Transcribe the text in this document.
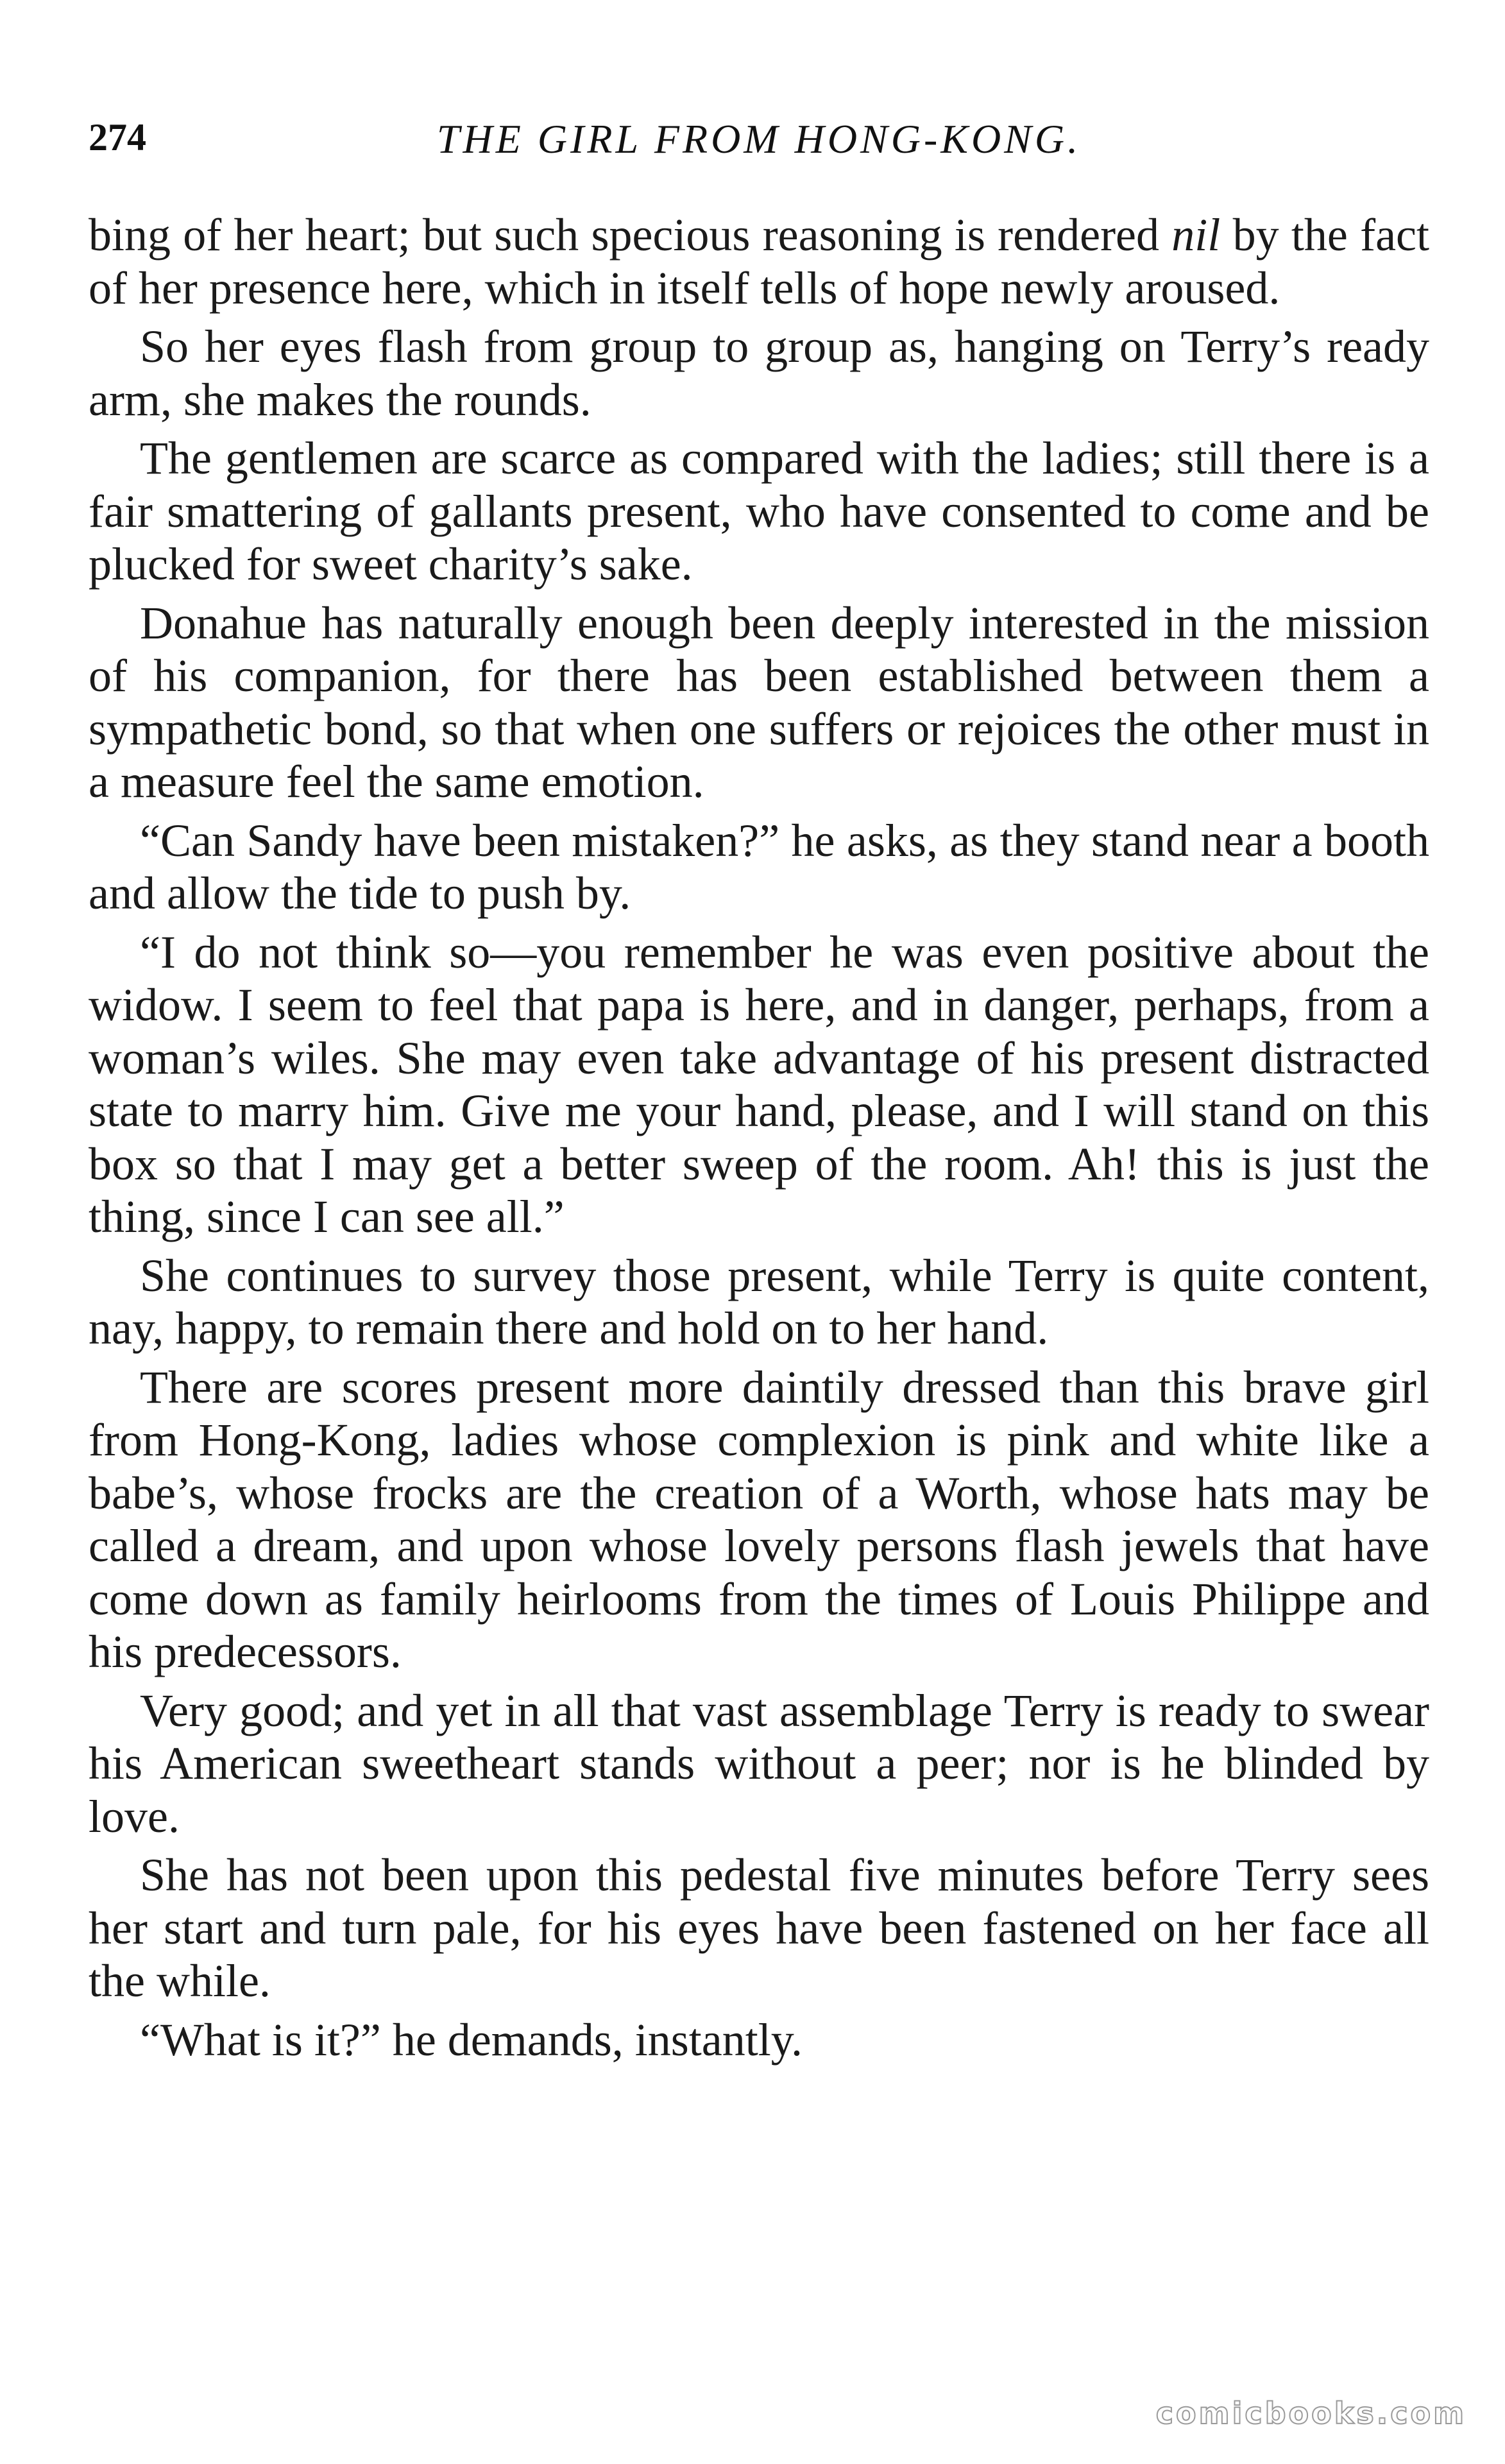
274	THE GIRL FROM HONG-KONG.

bing of her heart; but such specious reasoning is rendered nil by the fact of her presence here, which in itself tells of hope newly aroused.

So her eyes flash from group to group as, hanging on Terry’s ready arm, she makes the rounds.

The gentlemen are scarce as compared with the ladies; still there is a fair smattering of gallants present, who have consented to come and be plucked for sweet charity’s sake.

Donahue has naturally enough been deeply interested in the mission of his companion, for there has been established between them a sympathetic bond, so that when one suffers or rejoices the other must in a measure feel the same emotion.

“Can Sandy have been mistaken?” he asks, as they stand near a booth and allow the tide to push by.

“I do not think so—you remember he was even positive about the widow. I seem to feel that papa is here, and in danger, perhaps, from a woman’s wiles. She may even take advantage of his present distracted state to marry him. Give me your hand, please, and I will stand on this box so that I may get a better sweep of the room. Ah! this is just the thing, since I can see all.”

She continues to survey those present, while Terry is quite content, nay, happy, to remain there and hold on to her hand.

There are scores present more daintily dressed than this brave girl from Hong-Kong, ladies whose complexion is pink and white like a babe’s, whose frocks are the creation of a Worth, whose hats may be called a dream, and upon whose lovely persons flash jewels that have come down as family heirlooms from the times of Louis Philippe and his predecessors.

Very good; and yet in all that vast assemblage Terry is ready to swear his American sweetheart stands without a peer; nor is he blinded by love.

She has not been upon this pedestal five minutes before Terry sees her start and turn pale, for his eyes have been fastened on her face all the while.

“What is it?” he demands, instantly.

comicbooks.com
